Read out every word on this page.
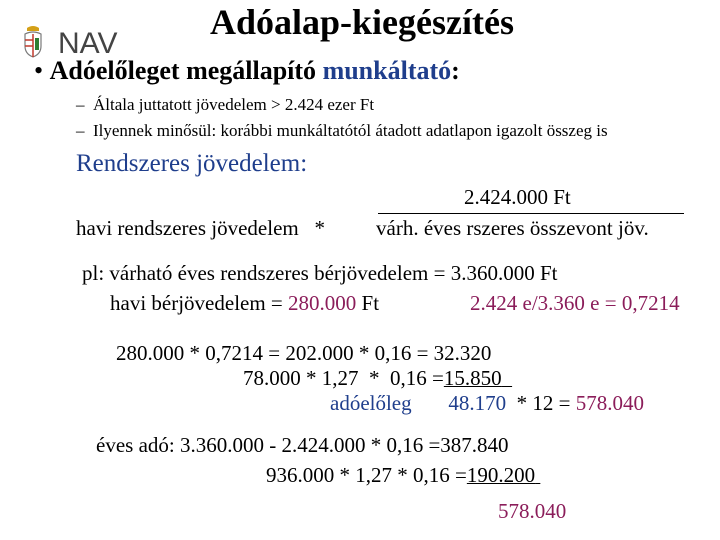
Adóalap-kiegészítés
NAV
• Adóelőleget megállapító munkáltató:
– Általa juttatott jövedelem > 2.424 ezer Ft
– Ilyennek minősül: korábbi munkáltatótól átadott adatlapon igazolt összeg is
Rendszeres jövedelem:
2.424.000 Ft
havi rendszeres jövedelem   * várh. éves rszeres összevont jöv.
pl: várható éves rendszeres bérjövedelem = 3.360.000 Ft
havi bérjövedelem = 280.000 Ft	2.424 e/3.360 e = 0,7214
280.000 * 0,7214 = 202.000 * 0,16 = 32.320
78.000 * 1,27  *  0,16 =15.850
adóelőleg 48.170  * 12 = 578.040
éves adó: 3.360.000 - 2.424.000 * 0,16 =387.840
936.000 * 1,27 * 0,16 =190.200
578.040
